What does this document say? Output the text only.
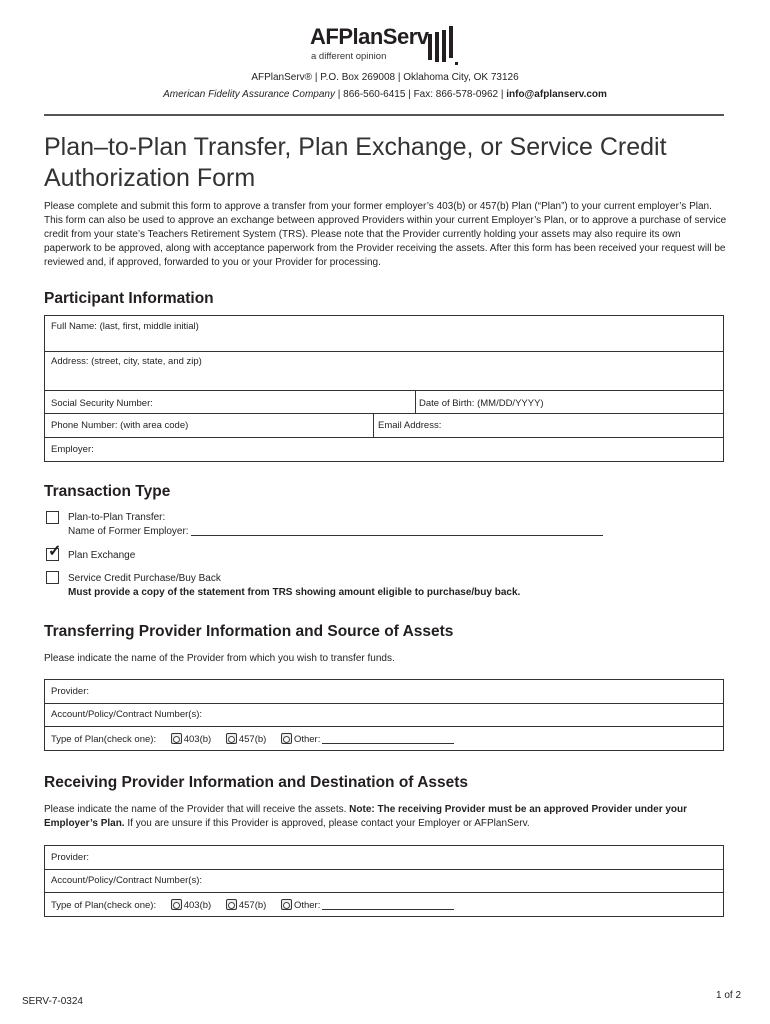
AFPlanServ
a different opinion
AFPlanServ® | P.O. Box 269008 | Oklahoma City, OK 73126
American Fidelity Assurance Company | 866-560-6415 | Fax: 866-578-0962 | info@afplanserv.com
Plan–to-Plan Transfer, Plan Exchange, or Service Credit Authorization Form
Please complete and submit this form to approve a transfer from your former employer’s 403(b) or 457(b) Plan (“Plan”) to your current employer’s Plan. This form can also be used to approve an exchange between approved Providers within your current Employer’s Plan, or to approve a purchase of service credit from your state’s Teachers Retirement System (TRS). Please note that the Provider currently holding your assets may also require its own paperwork to be approved, along with acceptance paperwork from the Provider receiving the assets. After this form has been received your request will be reviewed and, if approved, forwarded to you or your Provider for processing.
Participant Information
Full Name: (last, first, middle initial)
Address: (street, city, state, and zip)
Social Security Number:	Date of Birth: (MM/DD/YYYY)
Phone Number: (with area code)	Email Address:
Employer:
Transaction Type
Plan-to-Plan Transfer:
Name of Former Employer:
✓ Plan Exchange
Service Credit Purchase/Buy Back
Must provide a copy of the statement from TRS showing amount eligible to purchase/buy back.
Transferring Provider Information and Source of Assets
Please indicate the name of the Provider from which you wish to transfer funds.
Provider:
Account/Policy/Contract Number(s):
Type of Plan(check one):	403(b)	457(b)	Other:
Receiving Provider Information and Destination of Assets
Please indicate the name of the Provider that will receive the assets. Note: The receiving Provider must be an approved Provider under your Employer’s Plan. If you are unsure if this Provider is approved, please contact your Employer or AFPlanServ.
Provider:
Account/Policy/Contract Number(s):
Type of Plan(check one):	403(b)	457(b)	Other:
SERV-7-0324
1 of 2
